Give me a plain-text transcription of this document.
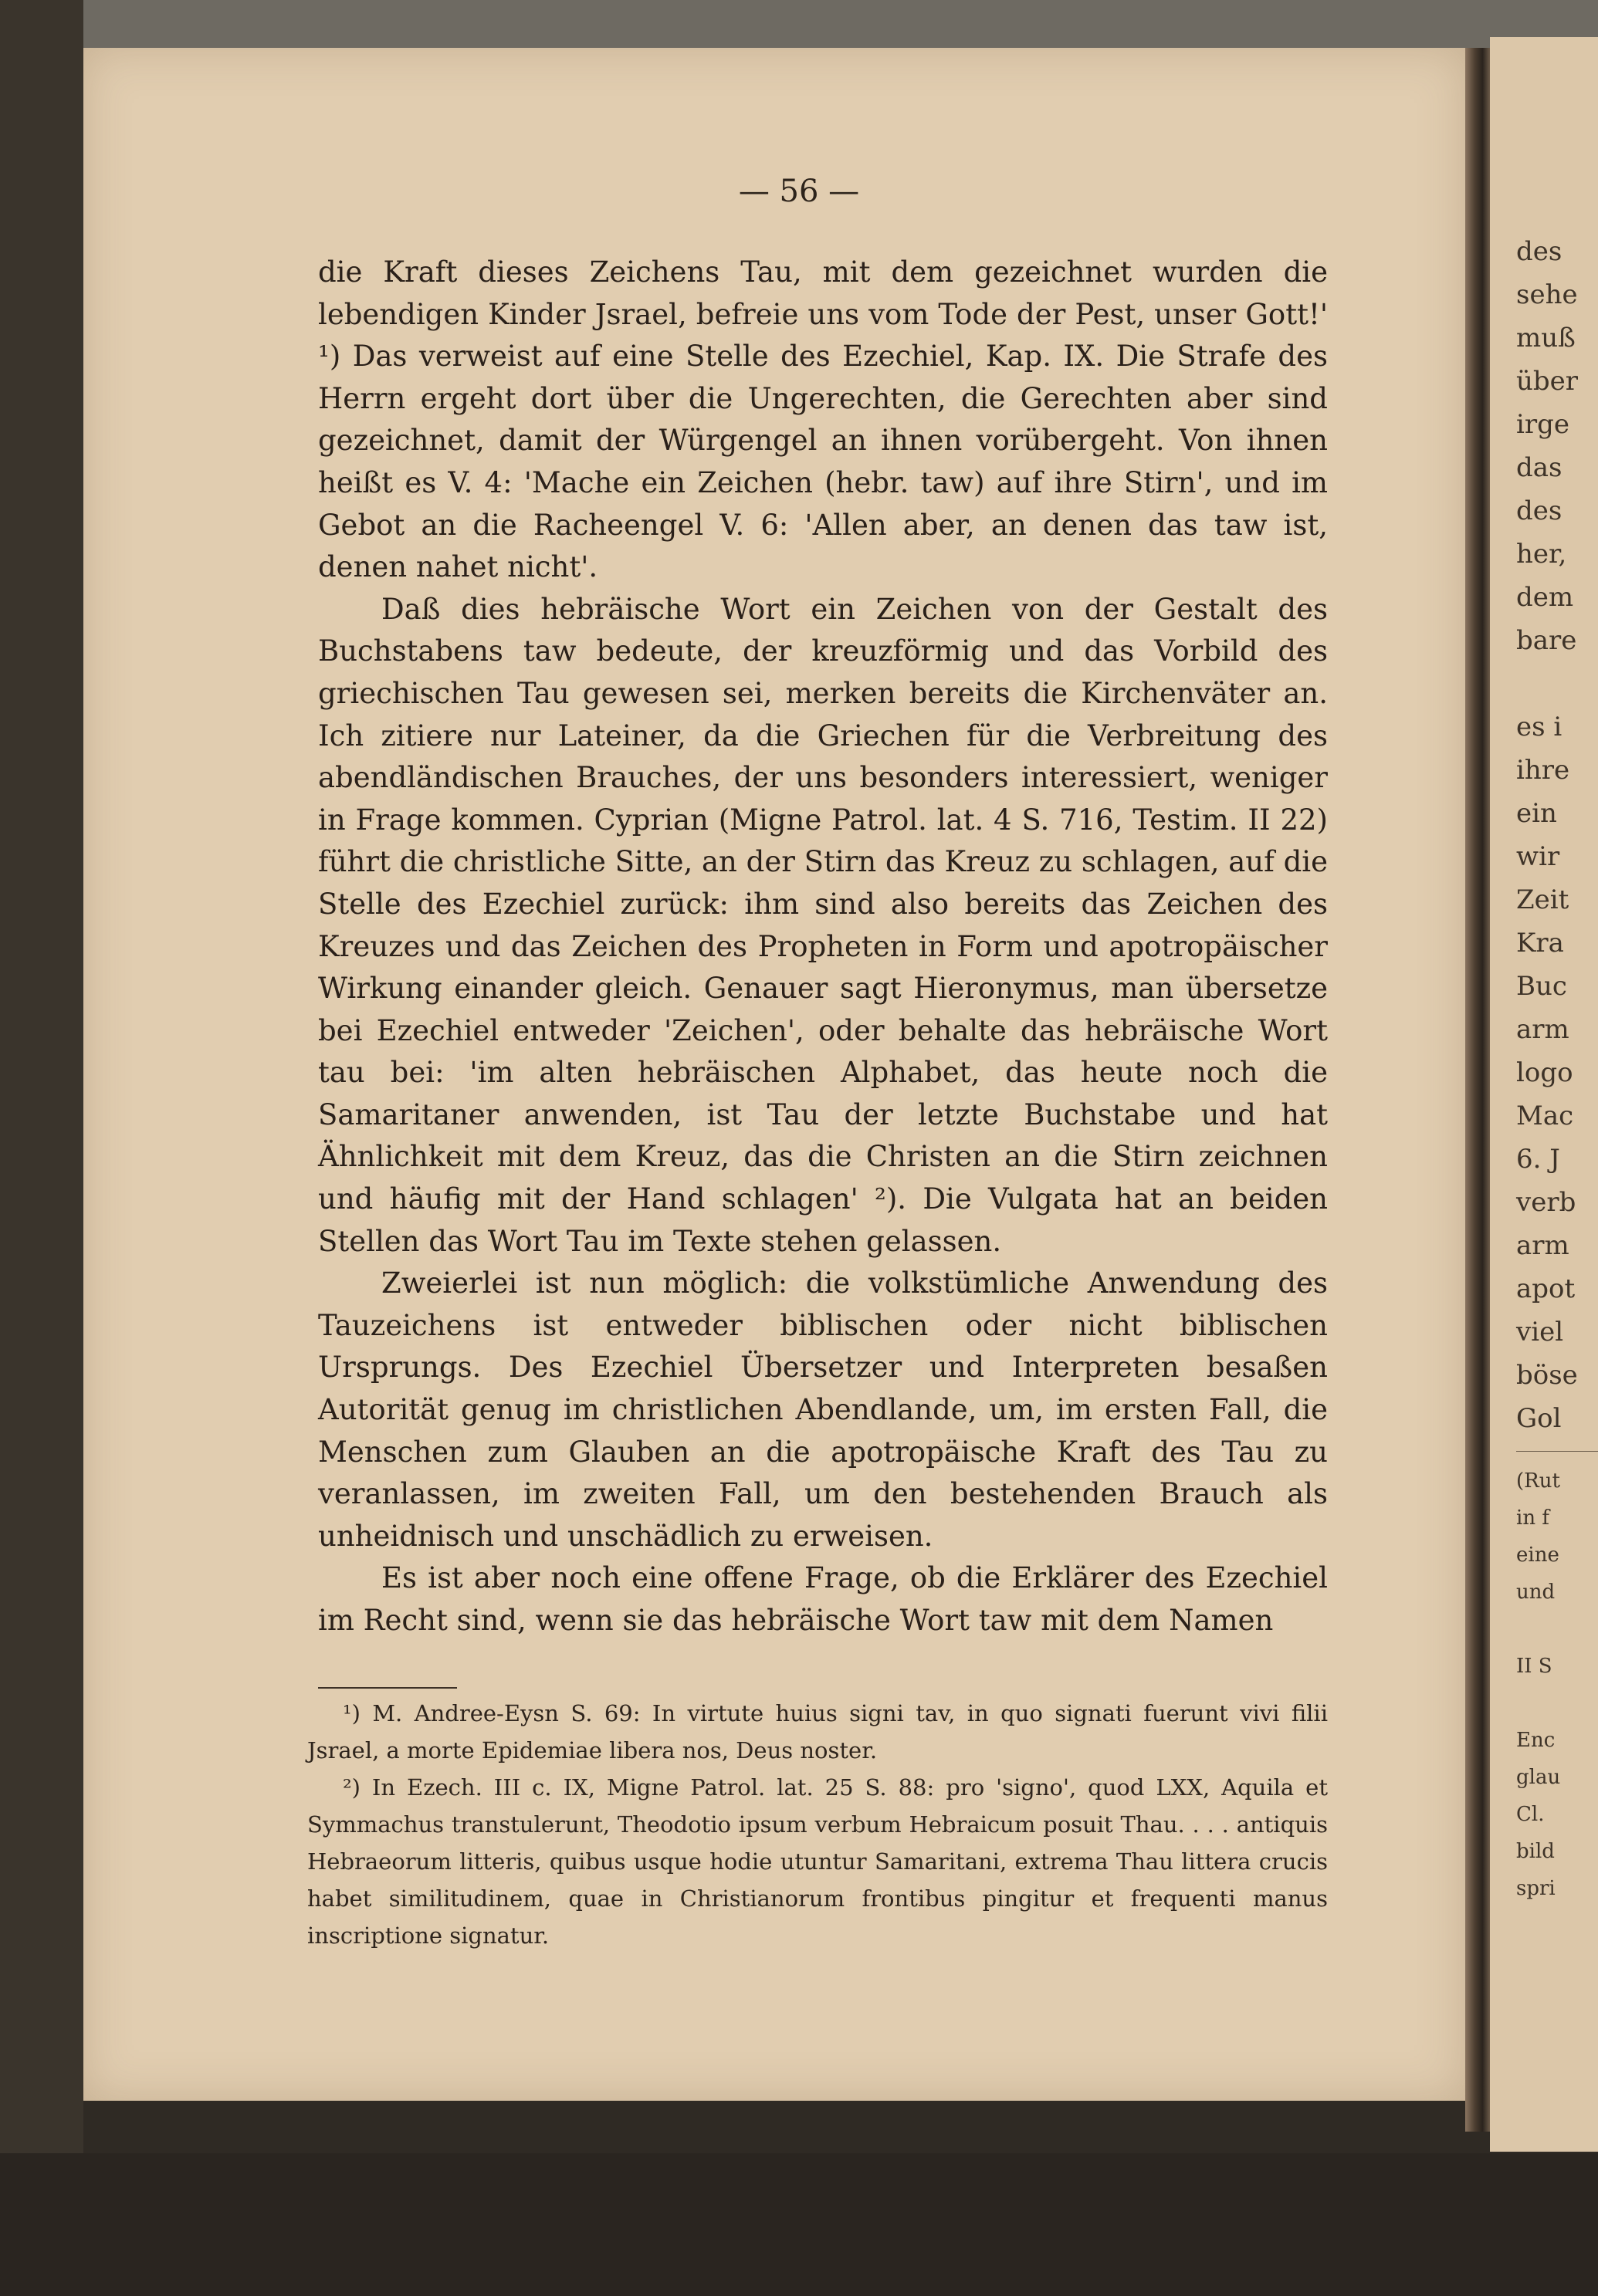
des
sehe
muß
über
irge
das
des
her,
dem
bare
es i
ihre
ein
wir
Zeit
Kra
Buc
arm
logo
Mac
6. J
verb
arm
apot
viel
böse
Gol
(Rut
in f
eine
und
II S
Enc
glau
Cl.
bild
spri
— 56 —

die Kraft dieses Zeichens Tau, mit dem gezeichnet wurden die lebendigen Kinder Jsrael, befreie uns vom Tode der Pest, unser Gott!' ¹) Das verweist auf eine Stelle des Ezechiel, Kap. IX. Die Strafe des Herrn ergeht dort über die Ungerechten, die Gerechten aber sind gezeichnet, damit der Würgengel an ihnen vorübergeht. Von ihnen heißt es V. 4: 'Mache ein Zeichen (hebr. taw) auf ihre Stirn', und im Gebot an die Racheengel V. 6: 'Allen aber, an denen das taw ist, denen nahet nicht'.

Daß dies hebräische Wort ein Zeichen von der Gestalt des Buchstabens taw bedeute, der kreuzförmig und das Vorbild des griechischen Tau gewesen sei, merken bereits die Kirchenväter an. Ich zitiere nur Lateiner, da die Griechen für die Verbreitung des abendländischen Brauches, der uns besonders interessiert, weniger in Frage kommen. Cyprian (Migne Patrol. lat. 4 S. 716, Testim. II 22) führt die christliche Sitte, an der Stirn das Kreuz zu schlagen, auf die Stelle des Ezechiel zurück: ihm sind also bereits das Zeichen des Kreuzes und das Zeichen des Propheten in Form und apotropäischer Wirkung einander gleich. Genauer sagt Hieronymus, man übersetze bei Ezechiel entweder 'Zeichen', oder behalte das hebräische Wort tau bei: 'im alten hebräischen Alphabet, das heute noch die Samaritaner anwenden, ist Tau der letzte Buchstabe und hat Ähnlichkeit mit dem Kreuz, das die Christen an die Stirn zeichnen und häufig mit der Hand schlagen' ²). Die Vulgata hat an beiden Stellen das Wort Tau im Texte stehen gelassen.

Zweierlei ist nun möglich: die volkstümliche Anwendung des Tauzeichens ist entweder biblischen oder nicht biblischen Ursprungs. Des Ezechiel Übersetzer und Interpreten besaßen Autorität genug im christlichen Abendlande, um, im ersten Fall, die Menschen zum Glauben an die apotropäische Kraft des Tau zu veranlassen, im zweiten Fall, um den bestehenden Brauch als unheidnisch und unschädlich zu erweisen.

Es ist aber noch eine offene Frage, ob die Erklärer des Ezechiel im Recht sind, wenn sie das hebräische Wort taw mit dem Namen

¹) M. Andree-Eysn S. 69: In virtute huius signi tav, in quo signati fuerunt vivi filii Jsrael, a morte Epidemiae libera nos, Deus noster.

²) In Ezech. III c. IX, Migne Patrol. lat. 25 S. 88: pro 'signo', quod LXX, Aquila et Symmachus transtulerunt, Theodotio ipsum verbum Hebraicum posuit Thau. . . . antiquis Hebraeorum litteris, quibus usque hodie utuntur Samaritani, extrema Thau littera crucis habet similitudinem, quae in Christianorum frontibus pingitur et frequenti manus inscriptione signatur.
